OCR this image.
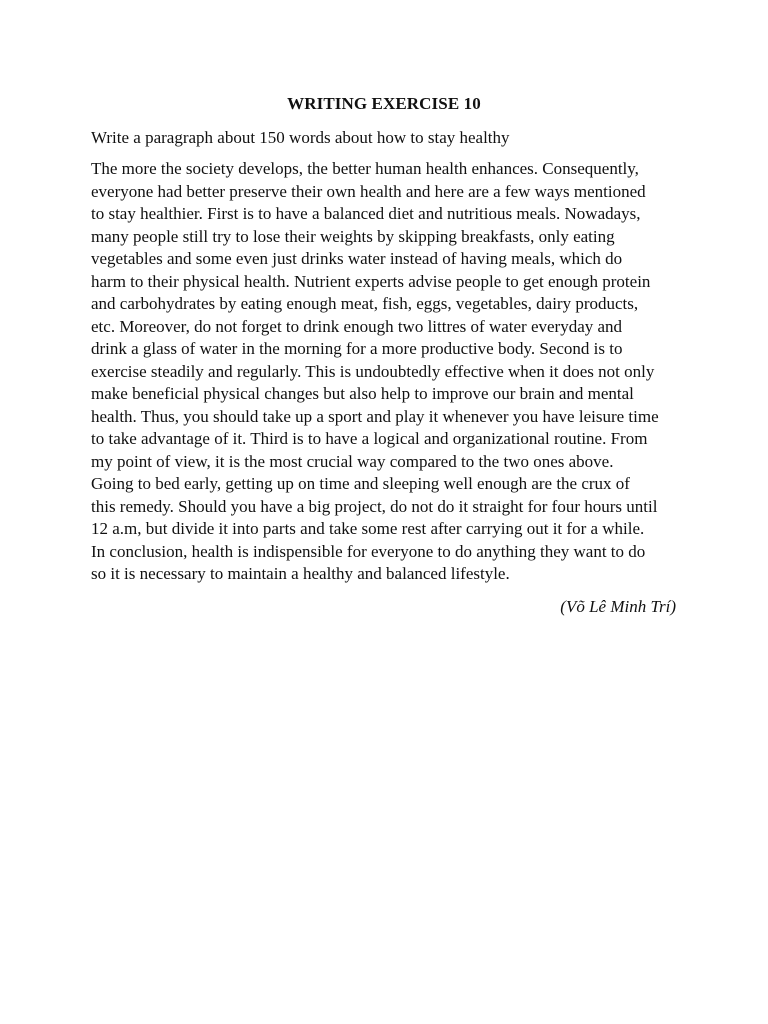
WRITING EXERCISE 10
Write a paragraph about 150 words about how to stay healthy
The more the society develops, the better human health enhances. Consequently,
everyone had better preserve their own health and here are a few ways mentioned
to stay healthier. First is to have a balanced diet and nutritious meals. Nowadays,
many people still try to lose their weights by skipping breakfasts, only eating
vegetables and some even just drinks water instead of having meals, which do
harm to their physical health. Nutrient experts advise people to get enough protein
and carbohydrates by eating enough meat, fish, eggs, vegetables, dairy products,
etc. Moreover, do not forget to drink enough two littres of water everyday and
drink a glass of water in the morning for a more productive body. Second is to
exercise steadily and regularly. This is undoubtedly effective when it does not only
make beneficial physical changes but also help to improve our brain and mental
health. Thus, you should take up a sport and play it whenever you have leisure time
to take advantage of it. Third is to have a logical and organizational routine. From
my point of view, it is the most crucial way compared to the two ones above.
Going to bed early, getting up on time and sleeping well enough are the crux of
this remedy. Should you have a big project, do not do it straight for four hours until
12 a.m, but divide it into parts and take some rest after carrying out it for a while.
In conclusion, health is indispensible for everyone to do anything they want to do
so it is necessary to maintain a healthy and balanced lifestyle.
(Võ Lê Minh Trí)
